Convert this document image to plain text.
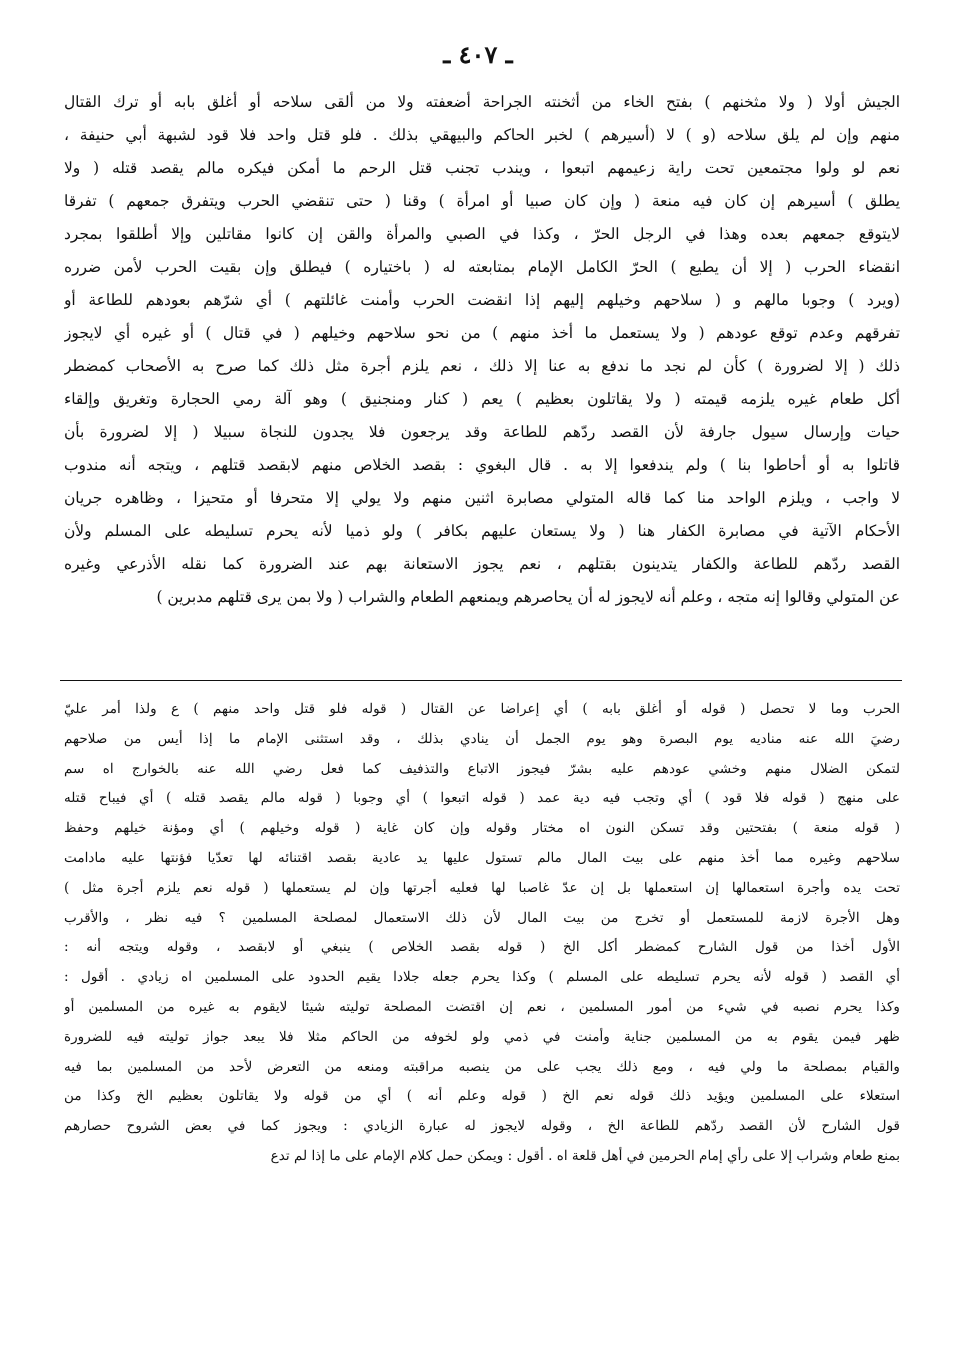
ـ ٤٠٧ ـ
الجيش أولا ( ولا مثخنهم ) بفتح الخاء من أثخنته الجراحة أضعفته ولا من ألقى سلاحه أو أغلق بابه أو ترك القتال
منهم وإن لم يلق سلاحه (و ) لا (أسيرهم ) لخبر الحاكم والبيهقي بذلك . فلو قتل واحد فلا قود لشبهة أبي حنيفة ،
نعم لو ولوا مجتمعين تحت راية زعيمهم اتبعوا ، ويندب تجنب قتل الرحم ما أمكن فيكره مالم يقصد قتله ( ولا
يطلق ) أسيرهم إن كان فيه منعة ( وإن كان صبيا أو امرأة ) وقنا ( حتى تنقضي الحرب ويتفرق جمعهم ) تفرقا
لايتوقع جمعهم بعده وهذا في الرجل الحرّ ، وكذا في الصبي والمرأة والقن إن كانوا مقاتلين وإلا أطلقوا بمجرد
انقضاء الحرب ( إلا أن يطيع ) الحرّ الكامل الإمام بمتابعته له ( باختياره ) فيطلق وإن بقيت الحرب لأمن ضرره
(ويرد ) وجوبا مالهم و ( سلاحهم وخيلهم إليهم إذا انقضت الحرب وأمنت غائلتهم ) أي شرّهم بعودهم للطاعة أو
تفرقهم وعدم توقع عودهم ( ولا يستعمل ما أخذ منهم ) من نحو سلاحهم وخيلهم ( في قتال ) أو غيره أي لايجوز
ذلك ( إلا لضرورة ) كأن لم نجد ما ندفع به عنا إلا ذلك ، نعم يلزم أجرة مثل ذلك كما صرح به الأصحاب كمضطر
أكل طعام غيره يلزمه قيمته ( ولا يقاتلون بعظيم ) يعم ( كنار ومنجنيق ) وهو آلة رمي الحجارة وتغريق وإلقاء
حيات وإرسال سيول جارفة لأن القصد ردّهم للطاعة وقد يرجعون فلا يجدون للنجاة سبيلا ( إلا لضرورة بأن
قاتلوا به أو أحاطوا بنا ) ولم يندفعوا إلا به . قال البغوي : بقصد الخلاص منهم لابقصد قتلهم ، ويتجه أنه مندوب
لا واجب ، ويلزم الواحد منا كما قاله المتولي مصابرة اثنين منهم ولا يولي إلا متحرفا أو متحيزا ، وظاهره جريان
الأحكام الآتية في مصابرة الكفار هنا ( ولا يستعان عليهم بكافر ) ولو ذميا لأنه يحرم تسليطه على المسلم ولأن
القصد ردّهم للطاعة والكفار يتدينون بقتلهم ، نعم يجوز الاستعانة بهم عند الضرورة كما نقله الأذرعي وغيره
عن المتولي وقالوا إنه متجه ، وعلم أنه لايجوز له أن يحاصرهم ويمنعهم الطعام والشراب ( ولا بمن يرى قتلهم مدبرين )
الحرب وما لا تحصل ( قوله أو أغلق بابه ) أي إعراضا عن القتال ( قوله فلو قتل واحد منهم ) ع ولذا أمر عليّ
رضيَ الله عنه مناديه يوم البصرة وهو يوم الجمل أن ينادي بذلك ، وقد استثنى الإمام ما إذا أيس من صلاحهم
لتمكن الضلال منهم وخشي عودهم عليه بشرّ فيجوز الاتباع والتذفيف كما فعل رضي الله عنه بالخوارج اه سم
على منهج ( قوله فلا قود ) أي وتجب فيه دية عمد ( قوله اتبعوا ) أي وجوبا ( قوله مالم يقصد قتله ) أي فيباح قتله
( قوله منعة ) بفتحتين وقد تسكن النون اه مختار وقوله وإن كان غاية ( قوله وخيلهم ) أي ومؤنة خيلهم وحفظ
سلاحهم وغيره مما أخذ منهم على بيت المال مالم تستول عليها يد عادية بقصد اقتنائه لها تعدّيا فؤنتها عليه مادامت
تحت يده وأجرة استعمالها إن استعملها بل إن عدّ غاصبا لها فعليه أجرتها وإن لم يستعملها ( قوله نعم يلزم أجرة مثل )
وهل الأجرة لازمة للمستعمل أو تخرج من بيت المال لأن ذلك الاستعمال لمصلحة المسلمين ؟ فيه نظر ، والأقرب
الأول أخذا من قول الشارح كمضطر أكل الخ ( قوله بقصد الخلاص ) ينبغي أو لابقصد ، وقوله ويتجه أنه :
أي القصد ( قوله لأنه يحرم تسليطه على المسلم ) وكذا يحرم جعله جلادا يقيم الحدود على المسلمين اه زيادي . أقول :
وكذا يحرم نصبه في شيء من أمور المسلمين ، نعم إن اقتضت المصلحة توليته شيئا لايقوم به غيره من المسلمين أو
ظهر فيمن يقوم به من المسلمين جناية وأمنت في ذمي ولو لخوفه من الحاكم مثلا فلا يبعد جواز توليته فيه للضرورة
والقيام بمصلحة ما ولي فيه ، ومع ذلك يجب على من ينصبه مراقبته ومنعه من التعرض لأحد من المسلمين بما فيه
استعلاء على المسلمين ويؤيد ذلك قوله نعم الخ ( قوله وعلم أنه ) أي من قوله ولا يقاتلون بعظيم الخ وكذا من
قول الشارح لأن القصد ردّهم للطاعة الخ ، وقوله لايجوز له عبارة الزيادي : ويجوز كما في بعض الشروح حصارهم
بمنع طعام وشراب إلا على رأي إمام الحرمين في أهل قلعة اه . أقول : ويمكن حمل كلام الإمام على ما إذا لم تدع
